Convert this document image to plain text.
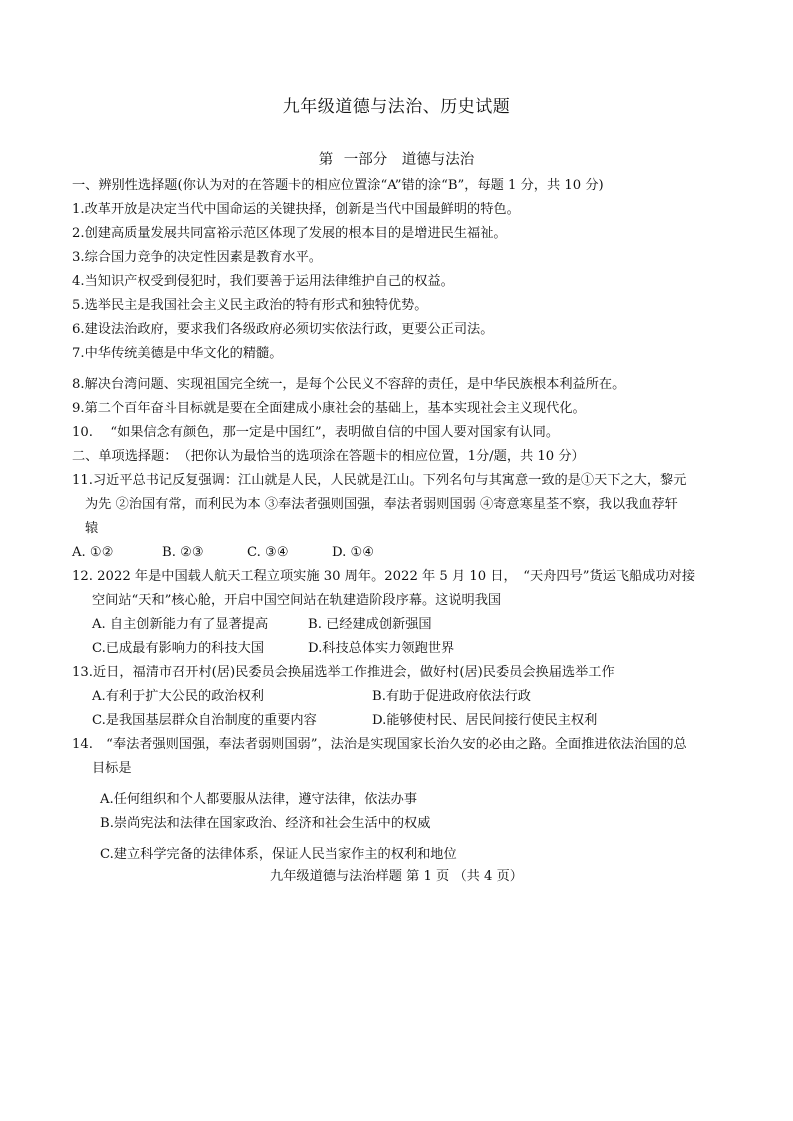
九年级道德与法治、历史试题
第 一部分　道德与法治
一、辨别性选择题(你认为对的在答题卡的相应位置涂“A”错的涂“B”，每题 1 分，共 10 分)
1.改革开放是决定当代中国命运的关键抉择，创新是当代中国最鲜明的特色。
2.创建高质量发展共同富裕示范区体现了发展的根本目的是增进民生福祉。
3.综合国力竞争的决定性因素是教育水平。
4.当知识产权受到侵犯时，我们要善于运用法律维护自己的权益。
5.选举民主是我国社会主义民主政治的特有形式和独特优势。
6.建设法治政府，要求我们各级政府必须切实依法行政，更要公正司法。
7.中华传统美德是中华文化的精髓。
8.解决台湾问题、实现祖国完全统一，是每个公民义不容辞的责任，是中华民族根本利益所在。
9.第二个百年奋斗目标就是要在全面建成小康社会的基础上，基本实现社会主义现代化。
10.　 “如果信念有颜色，那一定是中国红”，表明做自信的中国人要对国家有认同。
二、单项选择题：　（把你认为最恰当的选项涂在答题卡的相应位置，1分/题，共 10 分）
11.习近平总书记反复强调：江山就是人民，人民就是江山。下列名句与其寓意一致的是①天下之大，黎元
为先 ②治国有常，而利民为本 ③奉法者强则国强，奉法者弱则国弱 ④寄意寒星荃不察，我以我血荐轩
辕
A. ①②	B. ②③	C. ③④	D. ①④
12. 2022 年是中国载人航天工程立项实施 30 周年。2022 年 5 月 10 日，　“天舟四号”货运飞船成功对接
空间站“天和”核心舱，开启中国空间站在轨建造阶段序幕。这说明我国
A. 自主创新能力有了显著提高	B. 已经建成创新强国
C.已成最有影响力的科技大国	D.科技总体实力领跑世界
13.近日，福清市召开村(居)民委员会换届选举工作推进会，做好村(居)民委员会换届选举工作
A.有利于扩大公民的政治权利	B.有助于促进政府依法行政
C.是我国基层群众自治制度的重要内容	D.能够使村民、居民间接行使民主权利
14.　“奉法者强则国强，奉法者弱则国弱”，法治是实现国家长治久安的必由之路。全面推进依法治国的总
目标是
A.任何组织和个人都要服从法律，遵守法律，依法办事
B.崇尚宪法和法律在国家政治、经济和社会生活中的权威
C.建立科学完备的法律体系，保证人民当家作主的权利和地位
九年级道德与法治样题 第 1 页 （共 4 页）
